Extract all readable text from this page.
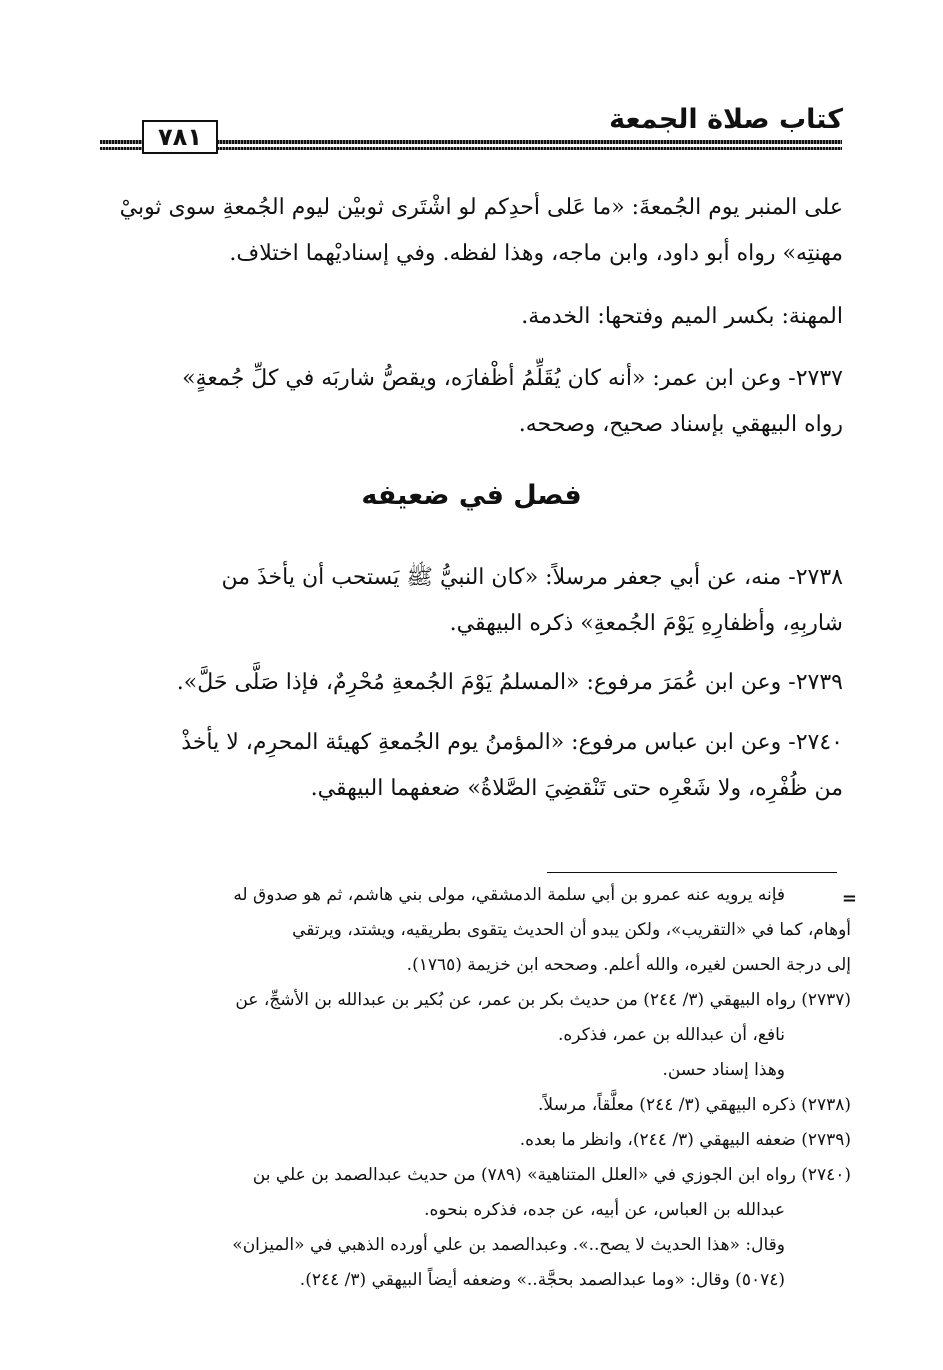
كتاب صلاة الجمعة
٧٨١
على المنبر يوم الجُمعةَ: «ما عَلى أحدِكم لو اشْتَرى ثوبيْن ليوم الجُمعةِ سوى ثوبيْ
مهنتِه» رواه أبو داود، وابن ماجه، وهذا لفظه. وفي إسناديْهما اختلاف.
المهنة: بكسر الميم وفتحها: الخدمة.
٢٧٣٧- وعن ابن عمر: «أنه كان يُقَلِّمُ أظْفارَه، ويقصُّ شاربَه في كلِّ جُمعةٍ»
رواه البيهقي بإسناد صحيح، وصححه.
فصل في ضعيفه
٢٧٣٨- منه، عن أبي جعفر مرسلاً: «كان النبيُّ ﷺ يَستحب أن يأخذَ من
شاربِهِ، وأظفارِهِ يَوْمَ الجُمعةِ» ذكره البيهقي.
٢٧٣٩- وعن ابن عُمَرَ مرفوع: «المسلمُ يَوْمَ الجُمعةِ مُحْرِمٌ، فإذا صَلَّى حَلَّ».
٢٧٤٠- وعن ابن عباس مرفوع: «المؤمنُ يوم الجُمعةِ كهيئة المحرِم، لا يأخذْ
من ظُفْرِه، ولا شَعْرِه حتى تَنْقضِيَ الصَّلاةُ» ضعفهما البيهقي.
=
فإنه يرويه عنه عمرو بن أبي سلمة الدمشقي، مولى بني هاشم، ثم هو صدوق له
أوهام، كما في «التقريب»، ولكن يبدو أن الحديث يتقوى بطريقيه، ويشتد، ويرتقي
إلى درجة الحسن لغيره، والله أعلم. وصححه ابن خزيمة (١٧٦٥).
(٢٧٣٧) رواه البيهقي (٣/ ٢٤٤) من حديث بكر بن عمر، عن بُكير بن عبدالله بن الأشجِّ، عن
نافع، أن عبدالله بن عمر، فذكره.
وهذا إسناد حسن.
(٢٧٣٨) ذكره البيهقي (٣/ ٢٤٤) معلَّقاً، مرسلاً.
(٢٧٣٩) ضعفه البيهقي (٣/ ٢٤٤)، وانظر ما بعده.
(٢٧٤٠) رواه ابن الجوزي في «العلل المتناهية» (٧٨٩) من حديث عبدالصمد بن علي بن
عبدالله بن العباس، عن أبيه، عن جده، فذكره بنحوه.
وقال: «هذا الحديث لا يصح..». وعبدالصمد بن علي أورده الذهبي في «الميزان»
(٥٠٧٤) وقال: «وما عبدالصمد بحجَّة..» وضعفه أيضاً البيهقي (٣/ ٢٤٤).
